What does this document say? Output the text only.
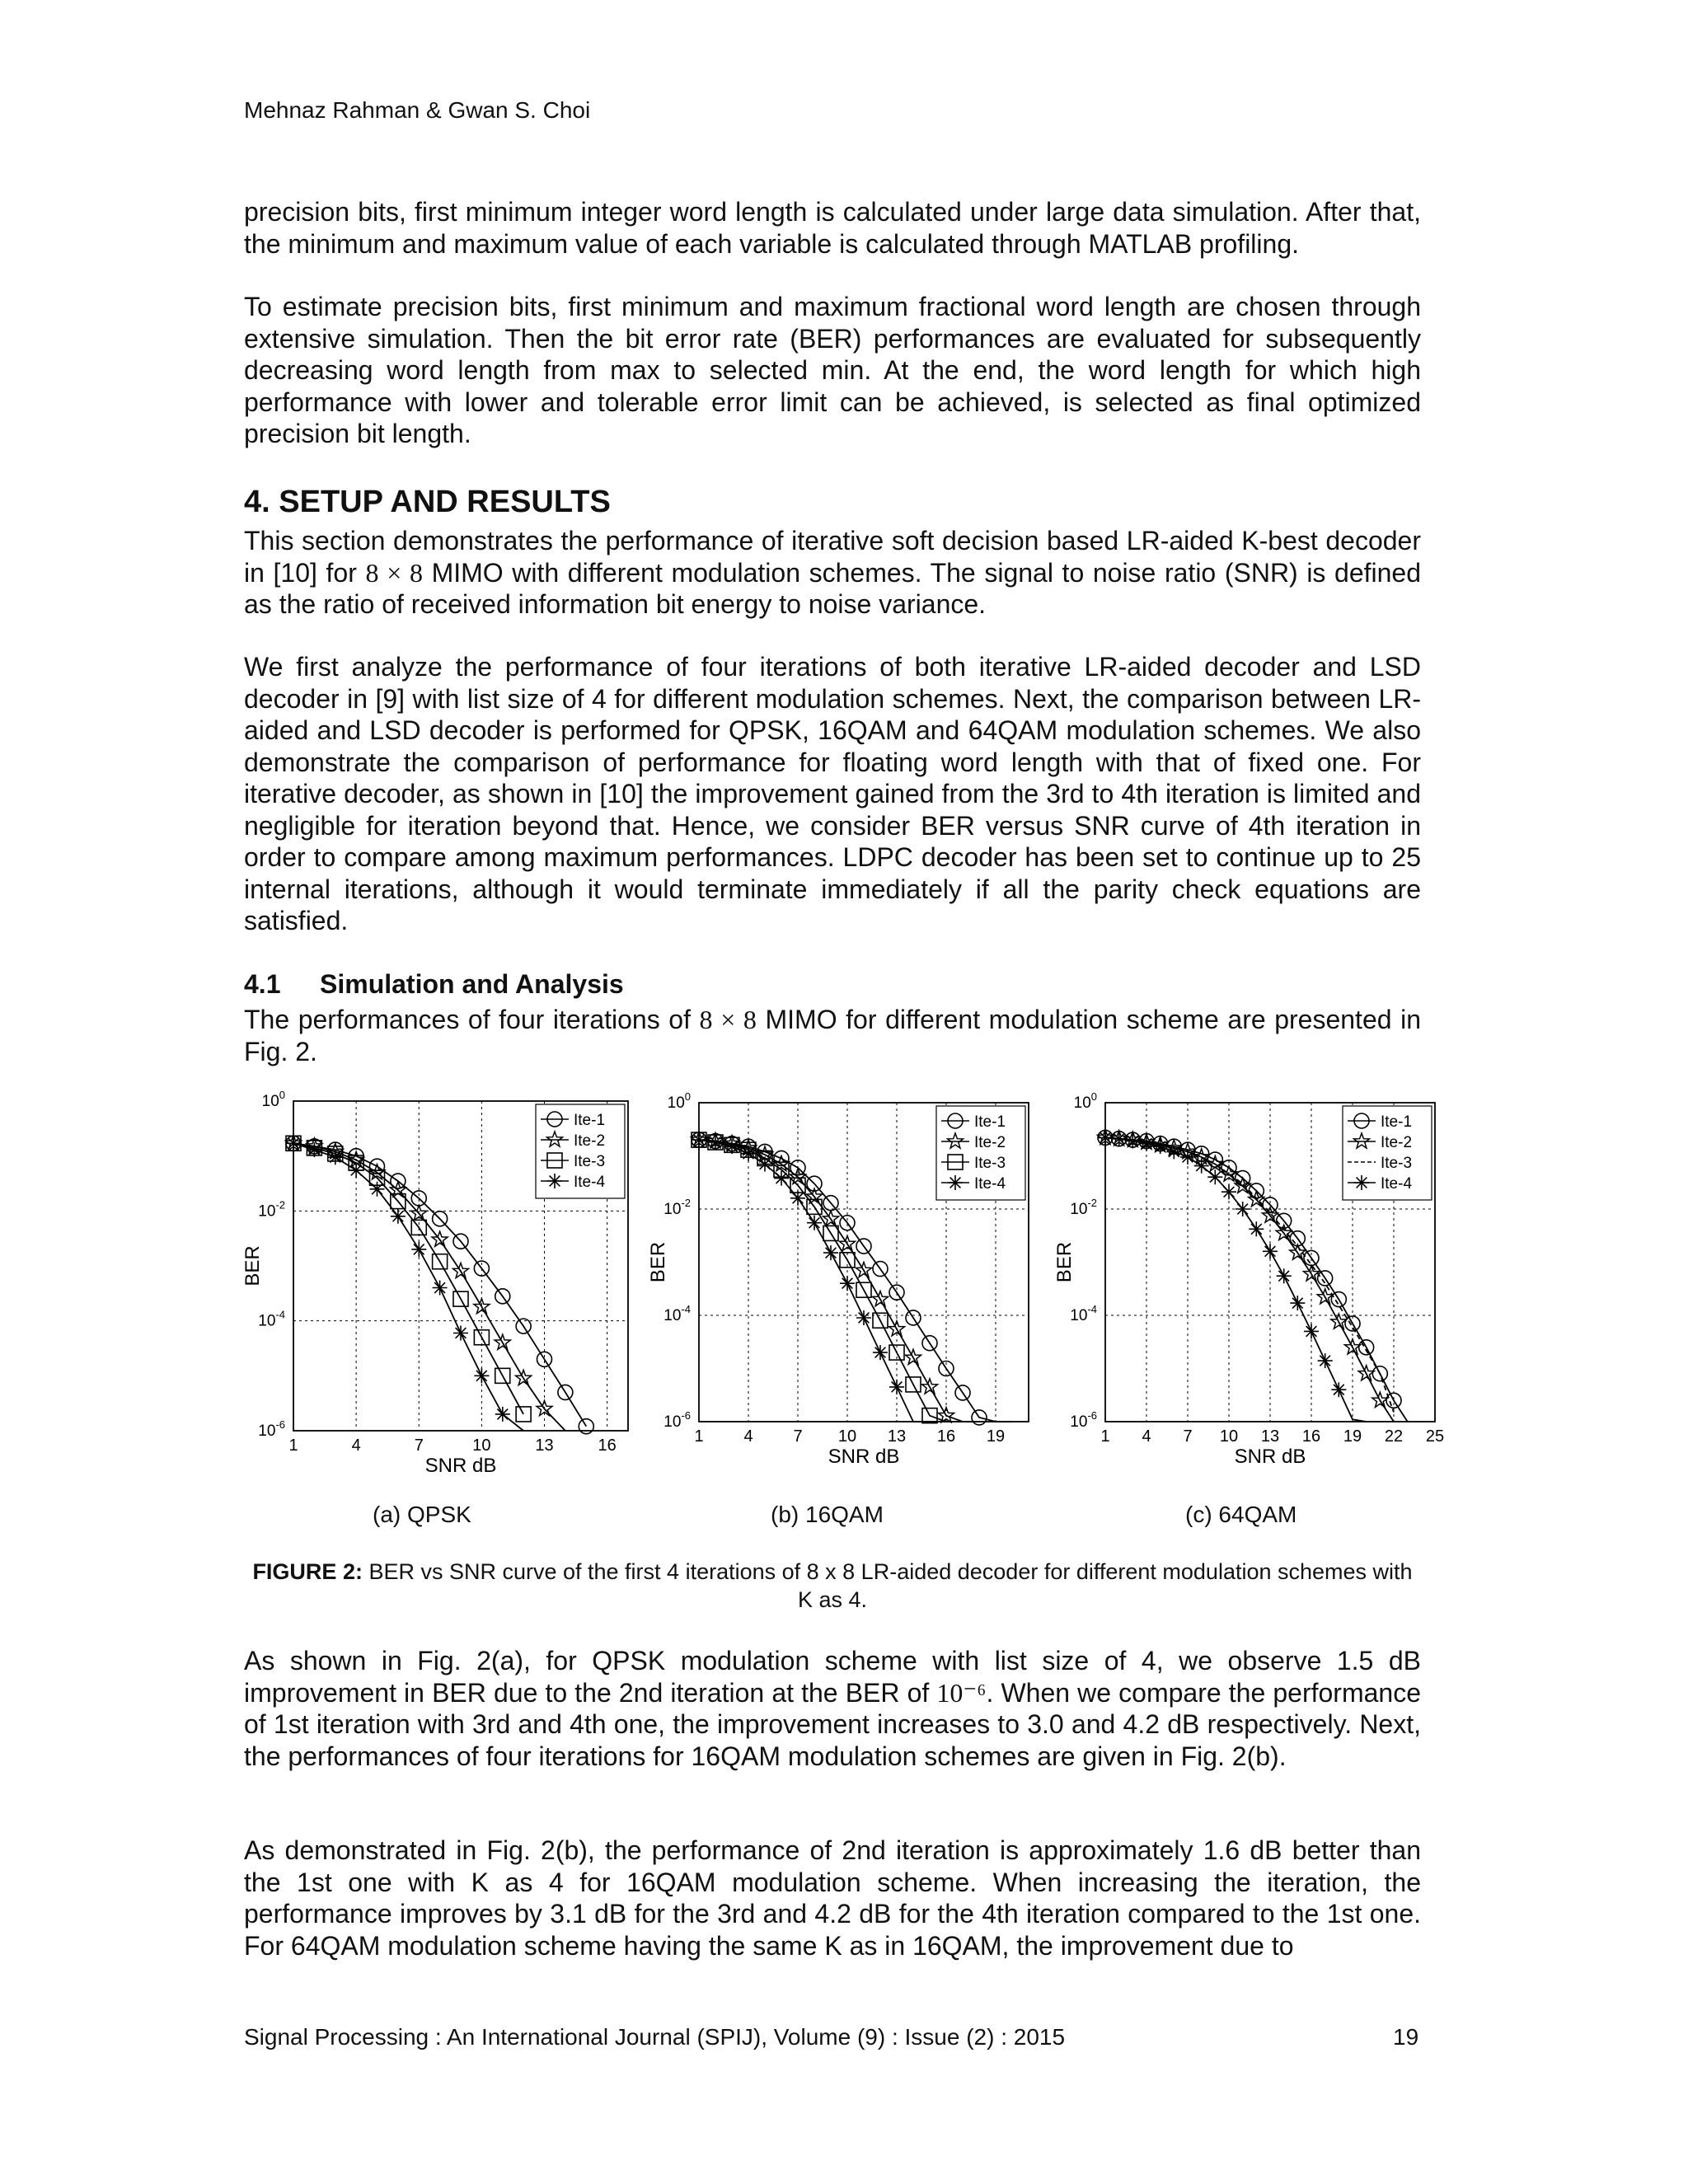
Mehnaz Rahman & Gwan S. Choi

precision bits, first minimum integer word length is calculated under large data simulation. After that, the minimum and maximum value of each variable is calculated through MATLAB profiling.

To estimate precision bits, first minimum and maximum fractional word length are chosen through extensive simulation. Then the bit error rate (BER) performances are evaluated for subsequently decreasing word length from max to selected min. At the end, the word length for which high performance with lower and tolerable error limit can be achieved, is selected as final optimized precision bit length.

4. SETUP AND RESULTS

This section demonstrates the performance of iterative soft decision based LR-aided K-best decoder in [10] for 8 × 8 MIMO with different modulation schemes. The signal to noise ratio (SNR) is defined as the ratio of received information bit energy to noise variance.

We first analyze the performance of four iterations of both iterative LR-aided decoder and LSD decoder in [9] with list size of 4 for different modulation schemes. Next, the comparison between LR-aided and LSD decoder is performed for QPSK, 16QAM and 64QAM modulation schemes. We also demonstrate the comparison of performance for floating word length with that of fixed one. For iterative decoder, as shown in [10] the improvement gained from the 3rd to 4th iteration is limited and negligible for iteration beyond that. Hence, we consider BER versus SNR curve of 4th iteration in order to compare among maximum performances. LDPC decoder has been set to continue up to 25 internal iterations, although it would terminate immediately if all the parity check equations are satisfied.

4.1 Simulation and Analysis

The performances of four iterations of 8 × 8 MIMO for different modulation scheme are presented in Fig. 2.

1	4	7	10	13	16
$10^0$
$10^{-2}$
$10^{-4}$
$10^{-6}$
SNR dB
BER
Ite-1
Ite-2
Ite-3
Ite-4
1 4 7 10 13 16 19
$10^0$
$10^{-2}$
$10^{-4}$
$10^{-6}$
SNR dB
BER
Ite-1
Ite-2
Ite-3
Ite-4
1 4 7 10 13 16 19 22 25
$10^0$
$10^{-2}$
$10^{-4}$
$10^{-6}$
SNR dB
BER
Ite-1
Ite-2
Ite-3
Ite-4
(a) QPSK	(b) 16QAM	(c) 64QAM

FIGURE 2: BER vs SNR curve of the first 4 iterations of 8 x 8 LR-aided decoder for different modulation schemes with K as 4.

As shown in Fig. 2(a), for QPSK modulation scheme with list size of 4, we observe 1.5 dB improvement in BER due to the 2nd iteration at the BER of 10⁻⁶. When we compare the performance of 1st iteration with 3rd and 4th one, the improvement increases to 3.0 and 4.2 dB respectively. Next, the performances of four iterations for 16QAM modulation schemes are given in Fig. 2(b).

As demonstrated in Fig. 2(b), the performance of 2nd iteration is approximately 1.6 dB better than the 1st one with K as 4 for 16QAM modulation scheme. When increasing the iteration, the performance improves by 3.1 dB for the 3rd and 4.2 dB for the 4th iteration compared to the 1st one. For 64QAM modulation scheme having the same K as in 16QAM, the improvement due to

Signal Processing : An International Journal (SPIJ), Volume (9) : Issue (2) : 2015	19
